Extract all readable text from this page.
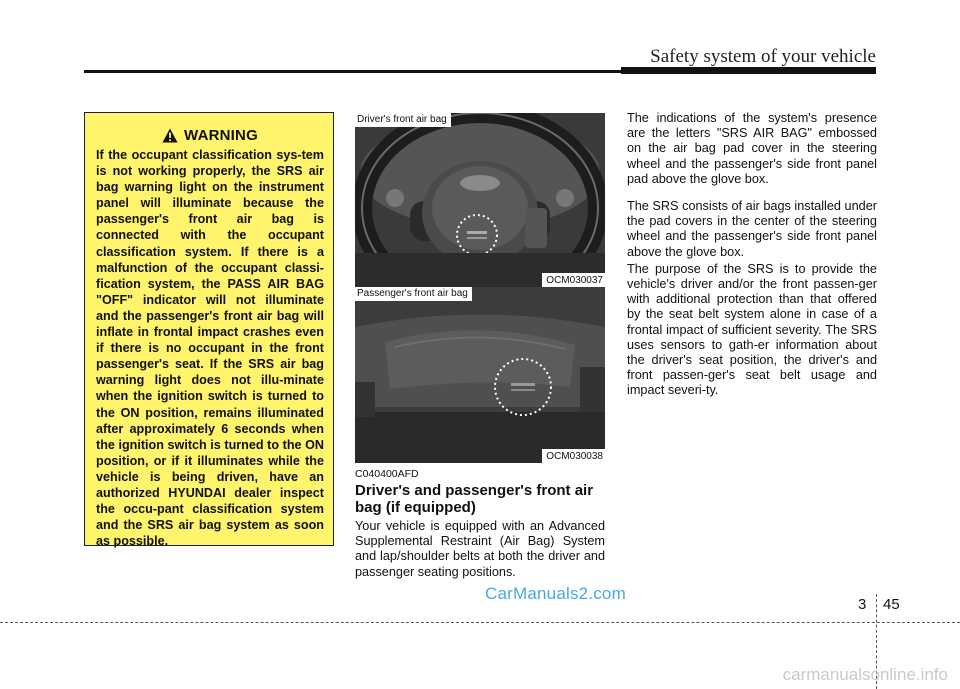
Safety system of your vehicle
WARNING
If the occupant classification sys-tem is not working properly, the SRS air bag warning light on the instrument panel will illuminate because the passenger's front air bag is connected with the occupant classification system. If there is a malfunction of the occupant classi-fication system, the PASS AIR BAG "OFF" indicator will not illuminate and the passenger's front air bag will inflate in frontal impact crashes even if there is no occupant in the front passenger's seat. If the SRS air bag warning light does not illu-minate when the ignition switch is turned to the ON position, remains illuminated after approximately 6 seconds when the ignition switch is turned to the ON position, or if it illuminates while the vehicle is being driven, have an authorized HYUNDAI dealer inspect the occu-pant classification system and the SRS air bag system as soon as possible.
Driver's front air bag
OCM030037
Passenger's front air bag
OCM030038
C040400AFD
Driver's and passenger's front air bag (if equipped)
Your vehicle is equipped with an Advanced Supplemental Restraint (Air Bag) System and lap/shoulder belts at both the driver and passenger seating positions.

The indications of the system's presence are the letters "SRS AIR BAG" embossed on the air bag pad cover in the steering wheel and the passenger's side front panel pad above the glove box.

The SRS consists of air bags installed under the pad covers in the center of the steering wheel and the passenger's side front panel above the glove box.

The purpose of the SRS is to provide the vehicle's driver and/or the front passen-ger with additional protection than that offered by the seat belt system alone in case of a frontal impact of sufficient severity. The SRS uses sensors to gath-er information about the driver's seat position, the driver's and front passen-ger's seat belt usage and impact severi-ty.

CarManuals2.com
3 45
carmanualsonline.info
